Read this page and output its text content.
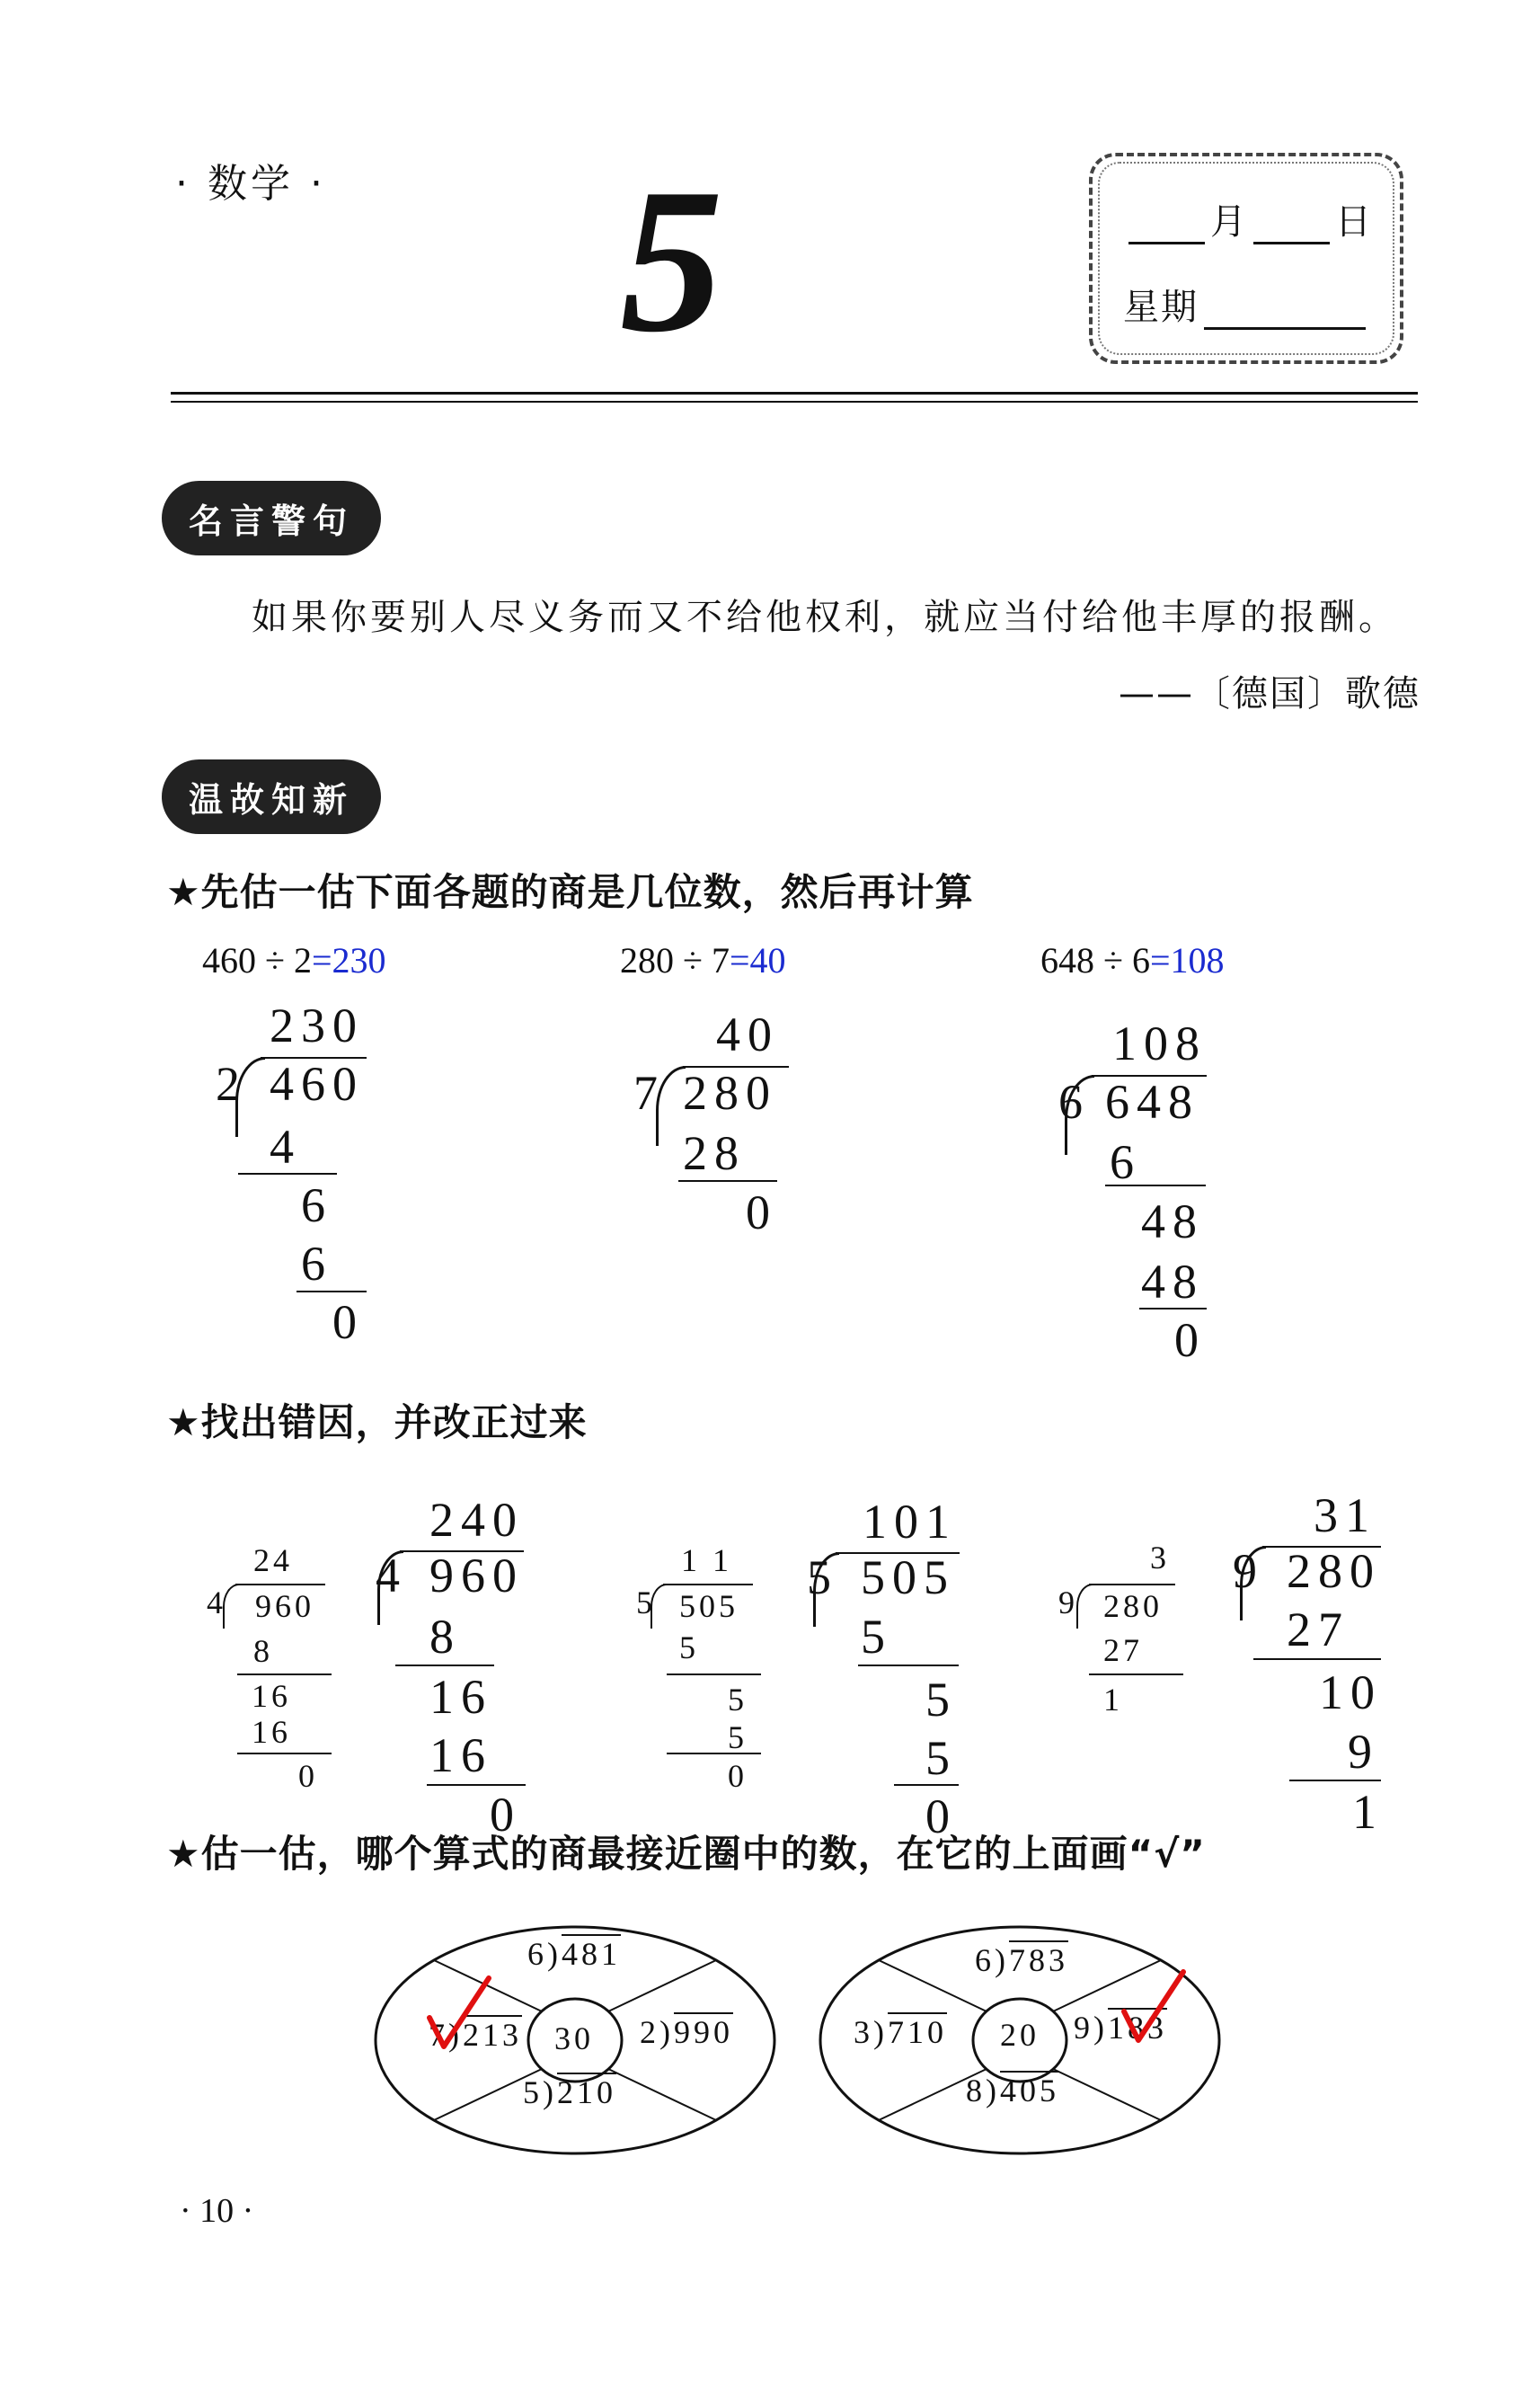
· 数学 · 5	月 日
星期
名言警句
如果你要别人尽义务而又不给他权利，就应当付给他丰厚的报酬。
——〔德国〕歌德
温故知新
★先估一估下面各题的商是几位数，然后再计算
460 ÷ 2=230	280 ÷ 7=40	648 ÷ 6=108
230
2 460
4
6
6
0
40
7 280
28
0
108
6 648
6
48
48
0
★找出错因，并改正过来
24
4 960
8
16
16
0
240
4 960
8
16
16
0
1 1
5 505
5
5
5
0
101
5 505
5
5
5
0
3
9 280
27
1
31
9 280
27
10
9
1
★估一估，哪个算式的商最接近圈中的数，在它的上面画“√”
30
6)481
7)213	2)990
5)210
20
6)783
3)710	9)183
8)405
· 10 ·
